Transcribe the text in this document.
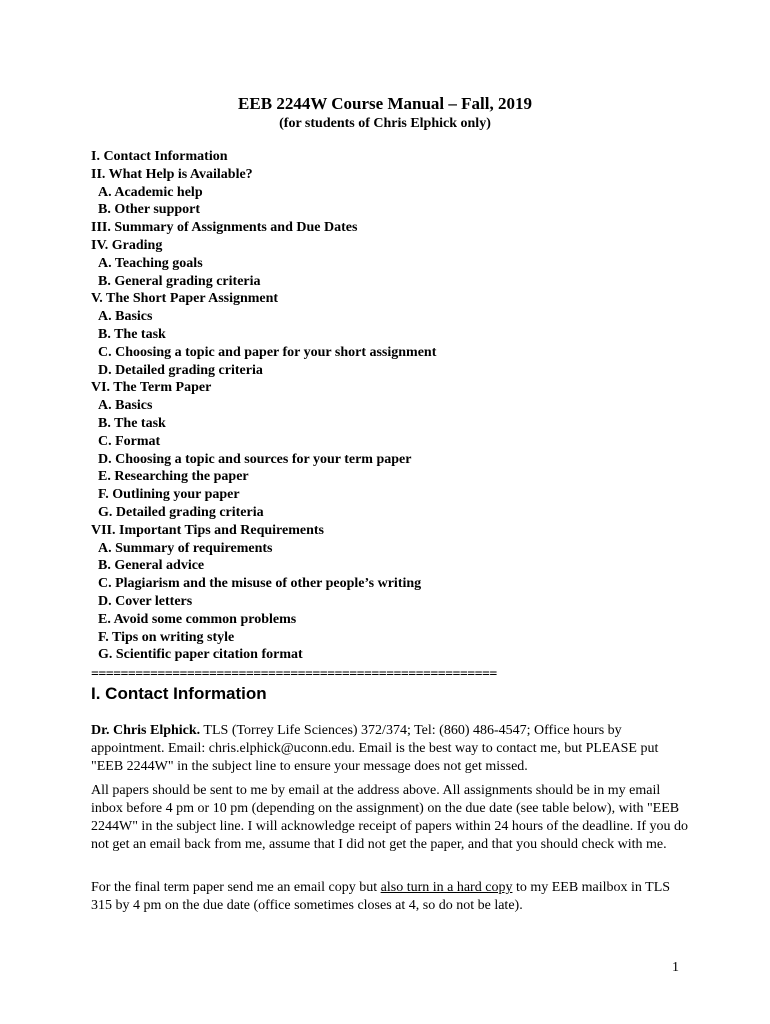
EEB 2244W Course Manual – Fall, 2019
(for students of Chris Elphick only)
I. Contact Information
II. What Help is Available?
A. Academic help
B. Other support
III. Summary of Assignments and Due Dates
IV. Grading
A. Teaching goals
B. General grading criteria
V. The Short Paper Assignment
A. Basics
B. The task
C. Choosing a topic and paper for your short assignment
D. Detailed grading criteria
VI. The Term Paper
A. Basics
B. The task
C. Format
D. Choosing a topic and sources for your term paper
E. Researching the paper
F. Outlining your paper
G. Detailed grading criteria
VII. Important Tips and Requirements
A. Summary of requirements
B. General advice
C. Plagiarism and the misuse of other people’s writing
D. Cover letters
E. Avoid some common problems
F. Tips on writing style
G. Scientific paper citation format
=======================================================
I. Contact Information

Dr. Chris Elphick. TLS (Torrey Life Sciences) 372/374; Tel: (860) 486-4547; Office hours by appointment. Email: chris.elphick@uconn.edu. Email is the best way to contact me, but PLEASE put "EEB 2244W" in the subject line to ensure your message does not get missed.

All papers should be sent to me by email at the address above. All assignments should be in my email inbox before 4 pm or 10 pm (depending on the assignment) on the due date (see table below), with "EEB 2244W" in the subject line. I will acknowledge receipt of papers within 24 hours of the deadline. If you do not get an email back from me, assume that I did not get the paper, and that you should check with me.

For the final term paper send me an email copy but also turn in a hard copy to my EEB mailbox in TLS 315 by 4 pm on the due date (office sometimes closes at 4, so do not be late).

1
